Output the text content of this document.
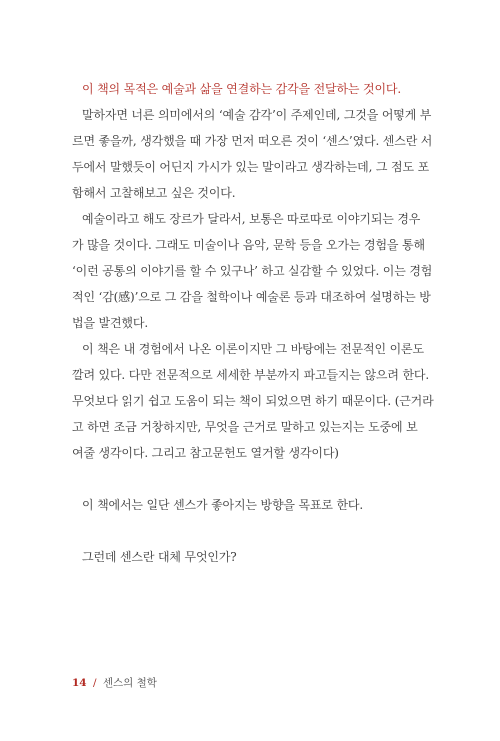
이 책의 목적은 예술과 삶을 연결하는 감각을 전달하는 것이다.
말하자면 너른 의미에서의 ‘예술 감각’이 주제인데, 그것을 어떻게 부
르면 좋을까, 생각했을 때 가장 먼저 떠오른 것이 ‘센스’였다. 센스란 서
두에서 말했듯이 어딘지 가시가 있는 말이라고 생각하는데, 그 점도 포
함해서 고찰해보고 싶은 것이다.
예술이라고 해도 장르가 달라서, 보통은 따로따로 이야기되는 경우
가 많을 것이다. 그래도 미술이나 음악, 문학 등을 오가는 경험을 통해
‘이런 공통의 이야기를 할 수 있구나’ 하고 실감할 수 있었다. 이는 경험
적인 ‘감(感)’으로 그 감을 철학이나 예술론 등과 대조하여 설명하는 방
법을 발견했다.
이 책은 내 경험에서 나온 이론이지만 그 바탕에는 전문적인 이론도
깔려 있다. 다만 전문적으로 세세한 부분까지 파고들지는 않으려 한다.
무엇보다 읽기 쉽고 도움이 되는 책이 되었으면 하기 때문이다. (근거라
고 하면 조금 거창하지만, 무엇을 근거로 말하고 있는지는 도중에 보
여줄 생각이다. 그리고 참고문헌도 열거할 생각이다)
이 책에서는 일단 센스가 좋아지는 방향을 목표로 한다.
그런데 센스란 대체 무엇인가?
14 / 센스의 철학
